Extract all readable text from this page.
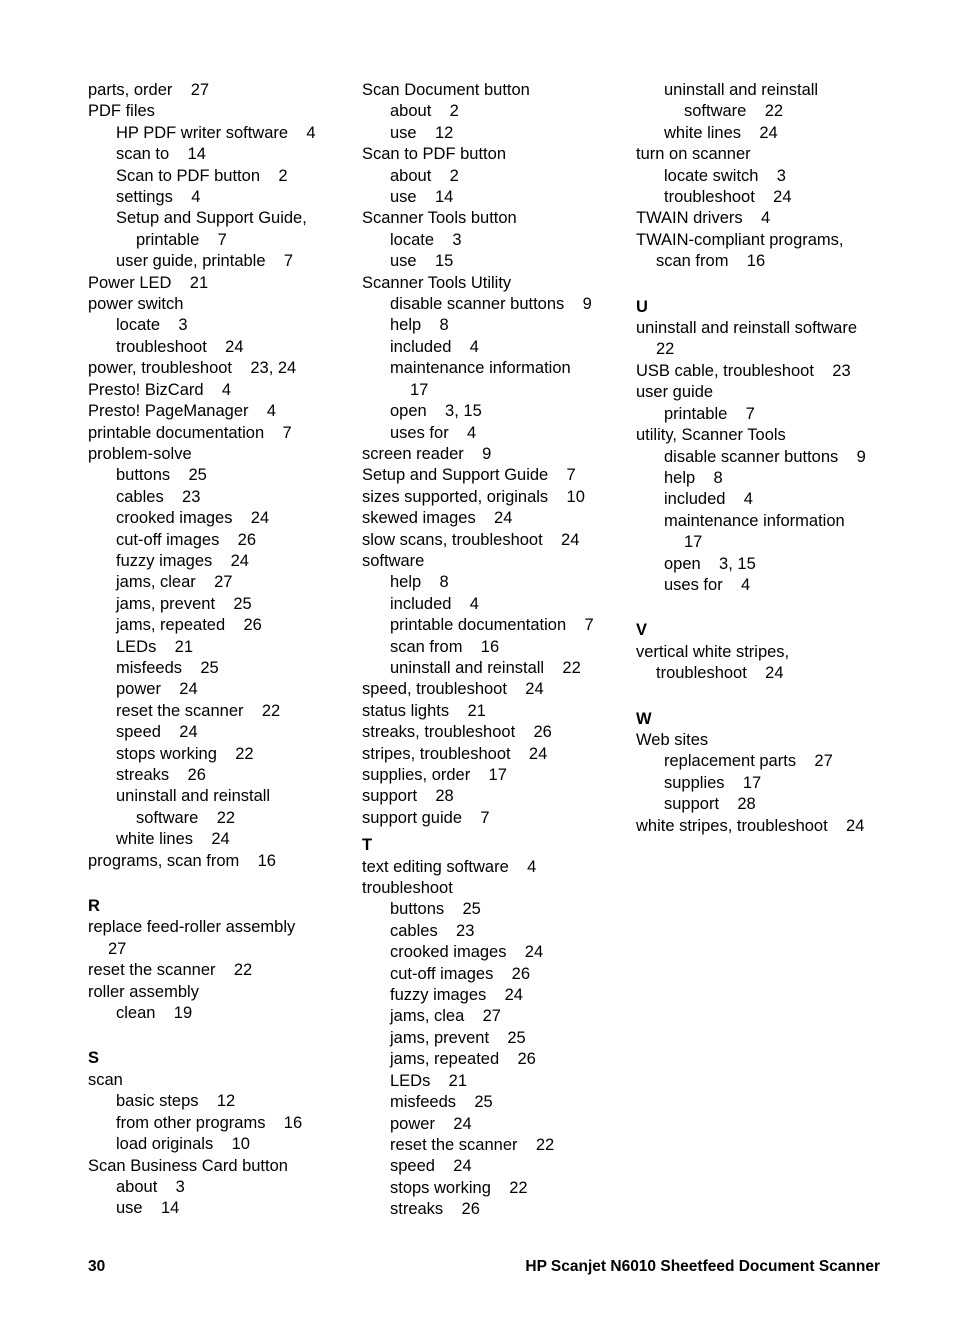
parts, order    27
PDF files
HP PDF writer software    4
scan to    14
Scan to PDF button    2
settings    4
Setup and Support Guide,
printable    7
user guide, printable    7
Power LED    21
power switch
locate    3
troubleshoot    24
power, troubleshoot    23, 24
Presto! BizCard    4
Presto! PageManager    4
printable documentation    7
problem-solve
buttons    25
cables    23
crooked images    24
cut-off images    26
fuzzy images    24
jams, clear    27
jams, prevent    25
jams, repeated    26
LEDs    21
misfeeds    25
power    24
reset the scanner    22
speed    24
stops working    22
streaks    26
uninstall and reinstall
software    22
white lines    24
programs, scan from    16
R
replace feed-roller assembly
27
reset the scanner    22
roller assembly
clean    19
S
scan
basic steps    12
from other programs    16
load originals    10
Scan Business Card button
about    3
use    14
Scan Document button
about    2
use    12
Scan to PDF button
about    2
use    14
Scanner Tools button
locate    3
use    15
Scanner Tools Utility
disable scanner buttons    9
help    8
included    4
maintenance information
17
open    3, 15
uses for    4
screen reader    9
Setup and Support Guide    7
sizes supported, originals    10
skewed images    24
slow scans, troubleshoot    24
software
help    8
included    4
printable documentation    7
scan from    16
uninstall and reinstall    22
speed, troubleshoot    24
status lights    21
streaks, troubleshoot    26
stripes, troubleshoot    24
supplies, order    17
support    28
support guide    7
T
text editing software    4
troubleshoot
buttons    25
cables    23
crooked images    24
cut-off images    26
fuzzy images    24
jams, clea    27
jams, prevent    25
jams, repeated    26
LEDs    21
misfeeds    25
power    24
reset the scanner    22
speed    24
stops working    22
streaks    26
uninstall and reinstall
software    22
white lines    24
turn on scanner
locate switch    3
troubleshoot    24
TWAIN drivers    4
TWAIN-compliant programs,
scan from    16
U
uninstall and reinstall software
22
USB cable, troubleshoot    23
user guide
printable    7
utility, Scanner Tools
disable scanner buttons    9
help    8
included    4
maintenance information
17
open    3, 15
uses for    4
V
vertical white stripes,
troubleshoot    24
W
Web sites
replacement parts    27
supplies    17
support    28
white stripes, troubleshoot    24
30	HP Scanjet N6010 Sheetfeed Document Scanner
